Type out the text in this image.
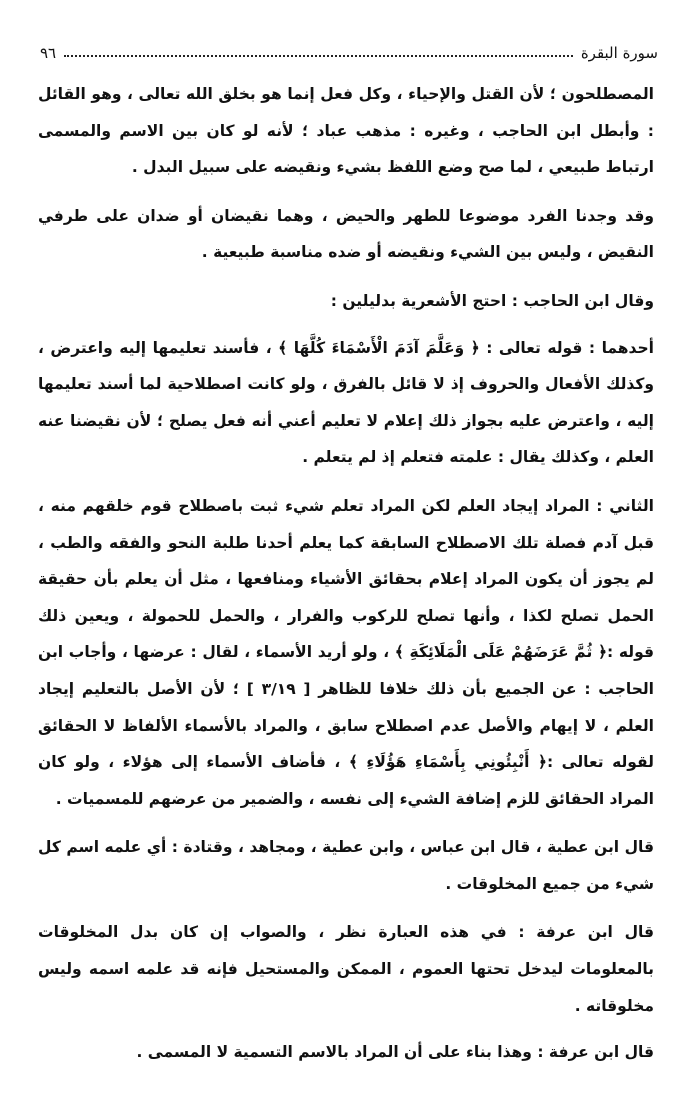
سورة البقرة
٩٦

المصطلحون ؛ لأن القتل والإحياء ، وكل فعل إنما هو بخلق الله تعالى ، وهو القائل : وأبطل ابن الحاجب ، وغيره : مذهب عباد ؛ لأنه لو كان بين الاسم والمسمى ارتباط طبيعي ، لما صح وضع اللفظ بشيء ونقيضه على سبيل البدل .

وقد وجدنا الفرد موضوعا للطهر والحيض ، وهما نقيضان أو ضدان على طرفي النقيض ، وليس بين الشيء ونقيضه أو ضده مناسبة طبيعية .

وقال ابن الحاجب : احتج الأشعرية بدليلين :

أحدهما : قوله تعالى : ﴿ وَعَلَّمَ آدَمَ الْأَسْمَاءَ كُلَّهَا ﴾ ، فأسند تعليمها إليه واعترض ، وكذلك الأفعال والحروف إذ لا قائل بالفرق ، ولو كانت اصطلاحية لما أسند تعليمها إليه ، واعترض عليه بجواز ذلك إعلام لا تعليم أعني أنه فعل يصلح ؛ لأن نقيضنا عنه العلم ، وكذلك يقال : علمته فتعلم إذ لم يتعلم .

الثاني : المراد إيجاد العلم لكن المراد تعلم شيء ثبت باصطلاح قوم خلقهم منه ، قبل آدم فصلة تلك الاصطلاح السابقة كما يعلم أحدنا طلبة النحو والفقه والطب ، لم يجوز أن يكون المراد إعلام بحقائق الأشياء ومنافعها ، مثل أن يعلم بأن حقيقة الحمل تصلح لكذا ، وأنها تصلح للركوب والفرار ، والحمل للحمولة ، ويعين ذلك قوله :﴿ ثُمَّ عَرَضَهُمْ عَلَى الْمَلَائِكَةِ ﴾ ، ولو أريد الأسماء ، لقال : عرضها ، وأجاب ابن الحاجب : عن الجميع بأن ذلك خلافا للظاهر [ ٣/١٩ ] ؛ لأن الأصل بالتعليم إيجاد العلم ، لا إيهام والأصل عدم اصطلاح سابق ، والمراد بالأسماء الألفاظ لا الحقائق لقوله تعالى :﴿ أَنْبِئُونِي بِأَسْمَاءِ هَؤُلَاءِ ﴾ ، فأضاف الأسماء إلى هؤلاء ، ولو كان المراد الحقائق للزم إضافة الشيء إلى نفسه ، والضمير من عرضهم للمسميات .

قال ابن عطية ، قال ابن عباس ، وابن عطية ، ومجاهد ، وقتادة : أي علمه اسم كل شيء من جميع المخلوقات .

قال ابن عرفة : في هذه العبارة نظر ، والصواب إن كان بدل المخلوقات بالمعلومات ليدخل تحتها العموم ، الممكن والمستحيل فإنه قد علمه اسمه وليس مخلوقاته .

قال ابن عرفة : وهذا بناء على أن المراد بالاسم التسمية لا المسمى .
